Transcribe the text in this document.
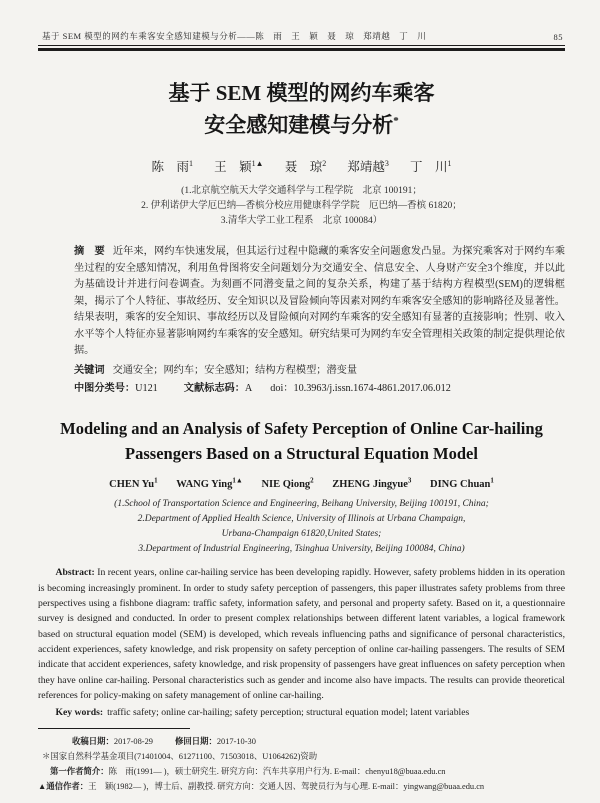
基于 SEM 模型的网约车乘客安全感知建模与分析——陈　雨　王　颖　聂　琼　郑靖越　丁　川	85
基于 SEM 模型的网约车乘客
安全感知建模与分析*
陈　雨$^1$ 王　颖$^{1▲}$ 聂　琼$^2$ 郑靖越$^3$ 丁　川$^1$
(1.北京航空航天大学交通科学与工程学院　北京 100191；
2. 伊利诺伊大学厄巴纳—香槟分校应用健康科学学院　厄巴纳—香槟 61820；
3.清华大学工业工程系　北京 100084）

摘　要 近年来，网约车快速发展，但其运行过程中隐藏的乘客安全问题愈发凸显。为探究乘客对于网约车乘坐过程的安全感知情况，利用鱼骨图将安全问题划分为交通安全、信息安全、人身财产安全3个维度，并以此为基础设计并进行问卷调查。为刻画不同潜变量之间的复杂关系，构建了基于结构方程模型(SEM)的逻辑框架，揭示了个人特征、事故经历、安全知识以及冒险倾向等因素对网约车乘客安全感知的影响路径及显著性。结果表明，乘客的安全知识、事故经历以及冒险倾向对网约车乘客的安全感知有显著的直接影响；性别、收入水平等个人特征亦显著影响网约车乘客的安全感知。研究结果可为网约车安全管理相关政策的制定提供理论依据。

关键词 交通安全；网约车；安全感知；结构方程模型；潜变量

中图分类号：U121	文献标志码：A doi：10.3963/j.issn.1674-4861.2017.06.012

Modeling and an Analysis of Safety Perception of Online Car-hailing
Passengers Based on a Structural Equation Model
CHEN Yu$^1$ WANG Ying$^{1▲}$ NIE Qiong$^2$ ZHENG Jingyue$^3$ DING Chuan$^1$
(1.School of Transportation Science and Engineering, Beihang University, Beijing 100191, China;
2.Department of Applied Health Science, University of Illinois at Urbana Champaign,
Urbana-Champaign 61820,United States;
3.Department of Industrial Engineering, Tsinghua University, Beijing 100084, China)

Abstract: In recent years, online car-hailing service has been developing rapidly. However, safety problems hidden in its operation is becoming increasingly prominent. In order to study safety perception of passengers, this paper illustrates safety problems from three perspectives using a fishbone diagram: traffic safety, information safety, and personal and property safety. Based on it, a questionnaire survey is designed and conducted. In order to present complex relationships between different latent variables, a logical framework based on structural equation model (SEM) is developed, which reveals influencing paths and significance of personal characteristics, accident experiences, safety knowledge, and risk propensity on safety perception of online car-hailing passengers. The results of SEM indicate that accident experiences, safety knowledge, and risk propensity of passengers have great influences on safety perception when they have online car-hailing. Personal characteristics such as gender and income also have impacts. The results can provide theoretical references for policy-making on safety management of online car-hailing.

Key words: traffic safety; online car-hailing; safety perception; structural equation model; latent variables

收稿日期：2017-08-29	修回日期：2017-10-30
＊国家自然科学基金项目(71401004、61271100、71503018、U1064262)资助
第一作者简介：陈　雨(1991— )，硕士研究生. 研究方向：汽车共享用户行为. E-mail：chenyu18@buaa.edu.cn
▲通信作者：王　颖(1982— )，博士后、副教授. 研究方向：交通人因、驾驶员行为与心理. E-mail：yingwang@buaa.edu.cn
